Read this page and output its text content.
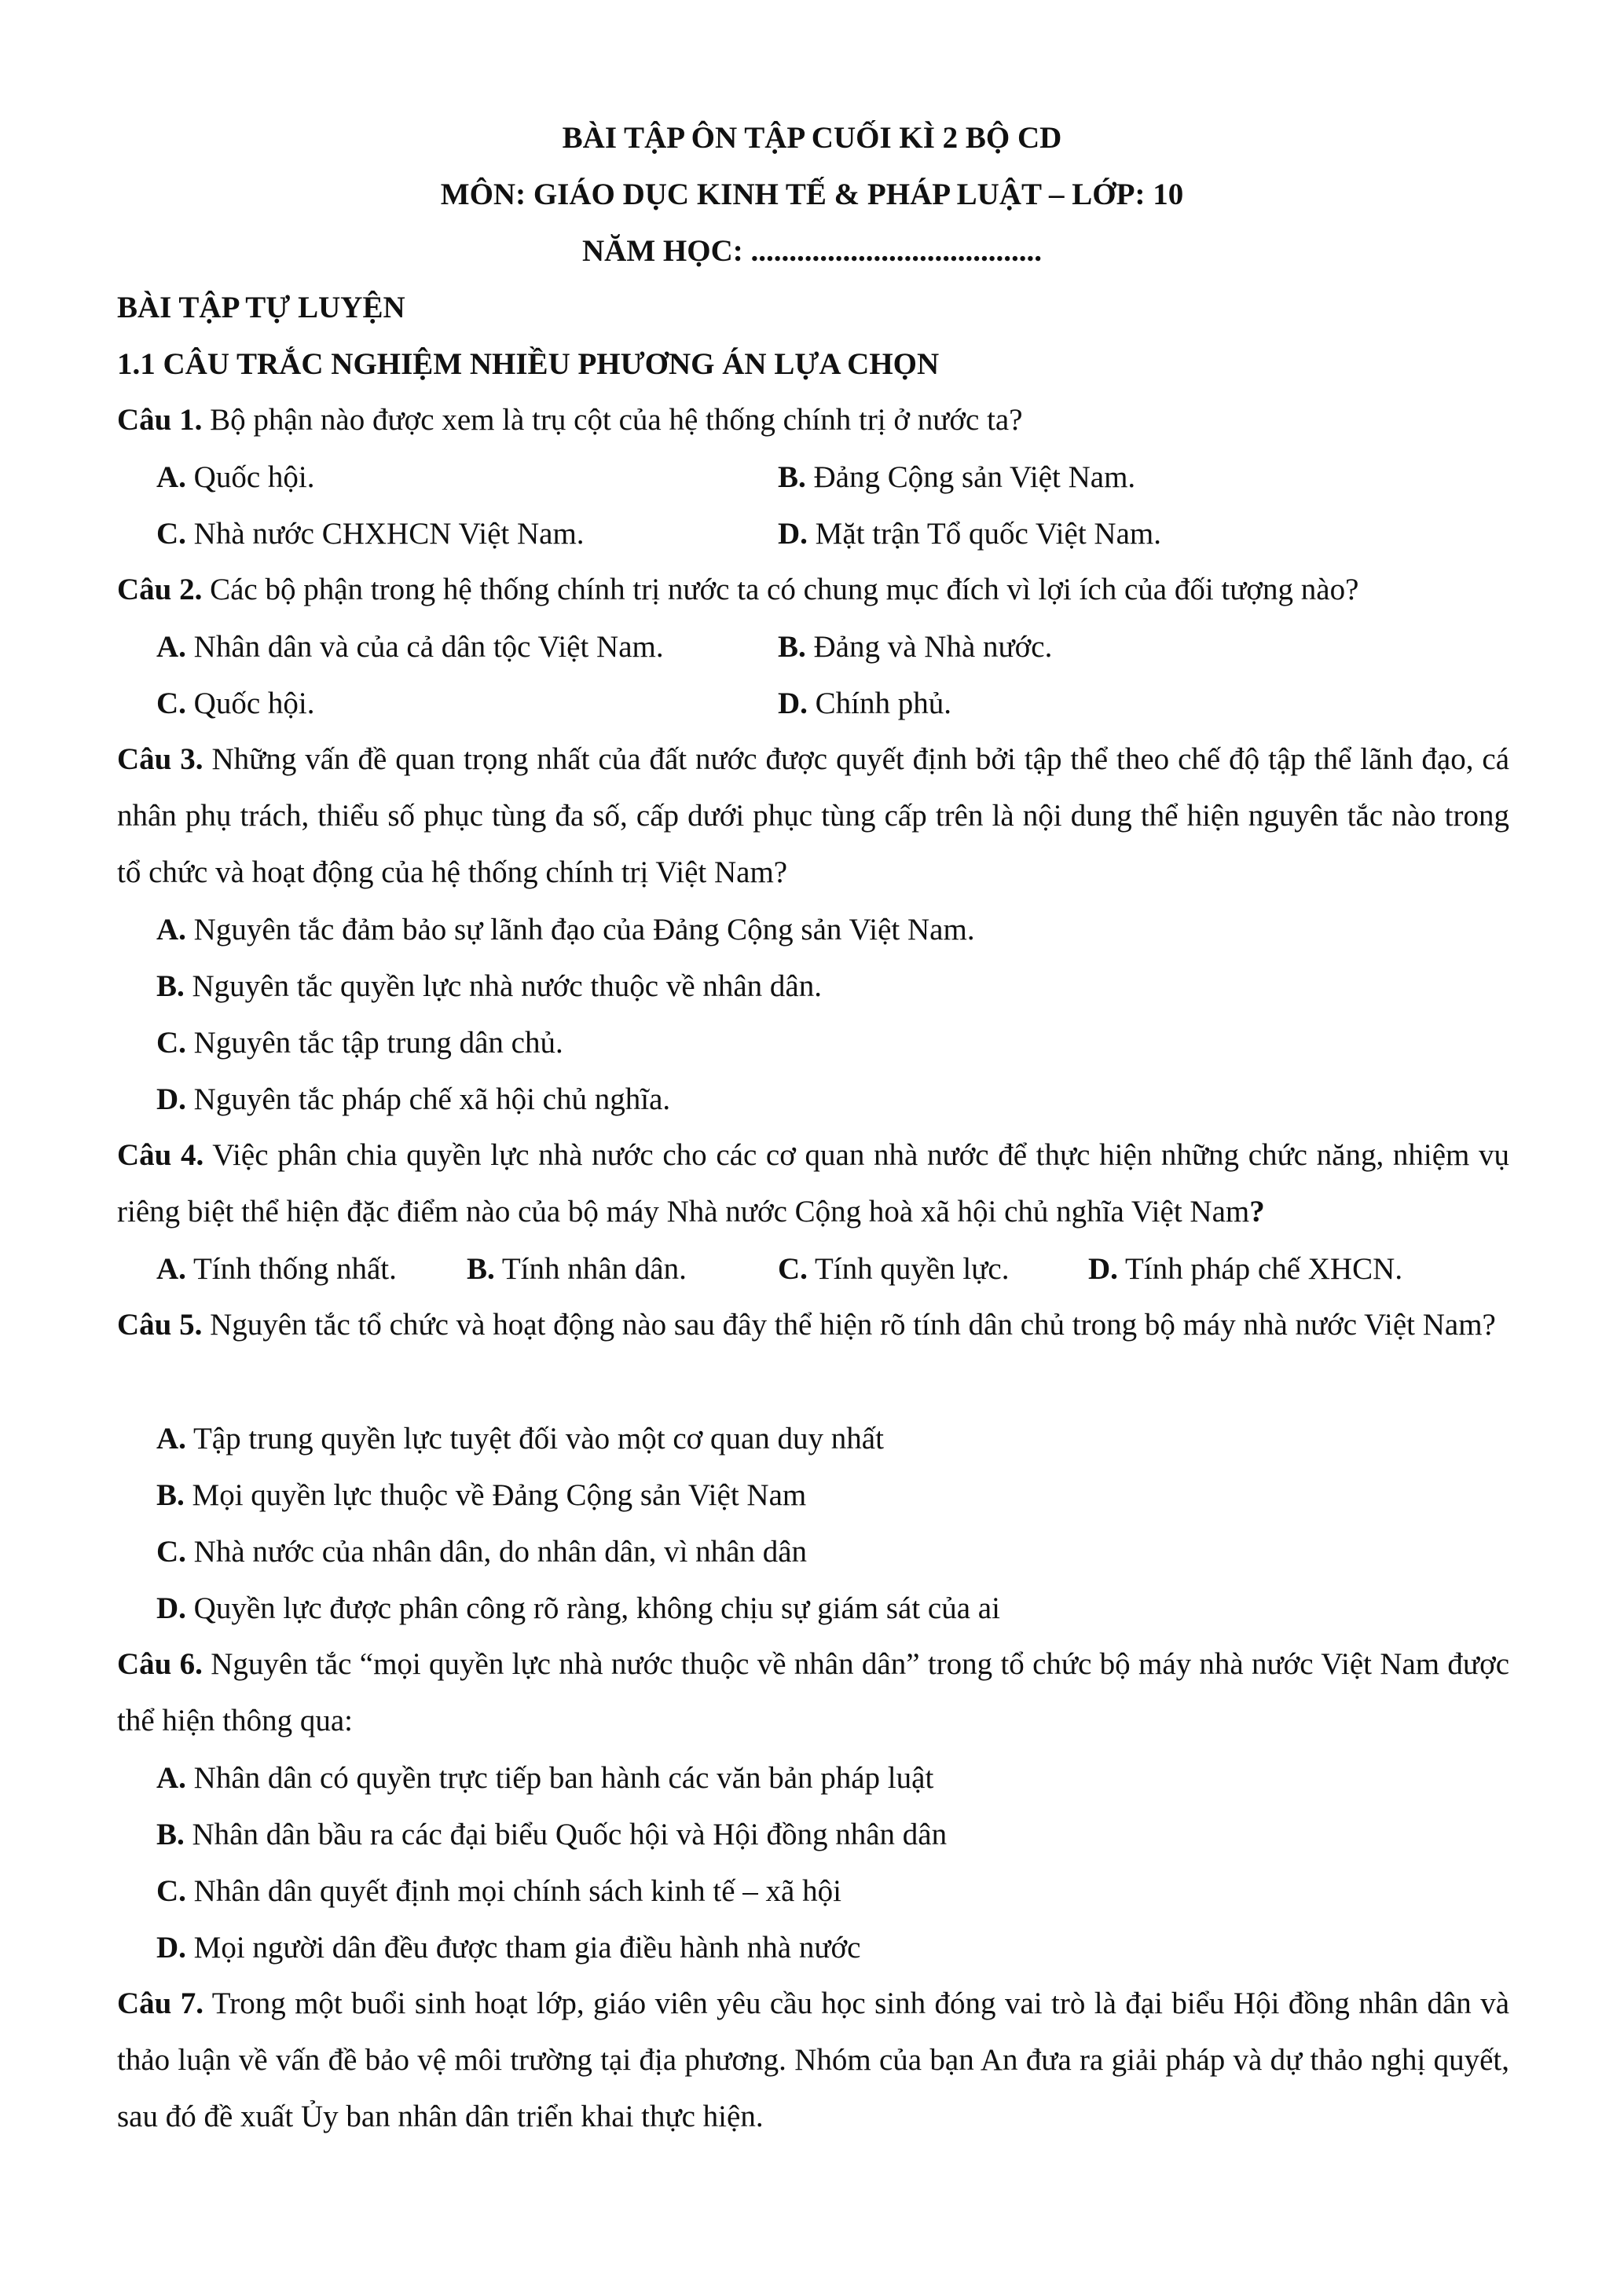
BÀI TẬP ÔN TẬP CUỐI KÌ 2 BỘ CD
MÔN: GIÁO DỤC KINH TẾ & PHÁP LUẬT – LỚP: 10
NĂM HỌC: ......................................
BÀI TẬP TỰ LUYỆN
1.1 CÂU TRẮC NGHIỆM NHIỀU PHƯƠNG ÁN LỰA CHỌN
Câu 1. Bộ phận nào được xem là trụ cột của hệ thống chính trị ở nước ta?
A. Quốc hội.	B. Đảng Cộng sản Việt Nam.
C. Nhà nước CHXHCN Việt Nam.	D. Mặt trận Tổ quốc Việt Nam.
Câu 2. Các bộ phận trong hệ thống chính trị nước ta có chung mục đích vì lợi ích của đối tượng nào?
A. Nhân dân và của cả dân tộc Việt Nam.	B. Đảng và Nhà nước.
C. Quốc hội.	D. Chính phủ.
Câu 3. Những vấn đề quan trọng nhất của đất nước được quyết định bởi tập thể theo chế độ tập thể lãnh đạo, cá nhân phụ trách, thiểu số phục tùng đa số, cấp dưới phục tùng cấp trên là nội dung thể hiện nguyên tắc nào trong tổ chức và hoạt động của hệ thống chính trị Việt Nam?
A. Nguyên tắc đảm bảo sự lãnh đạo của Đảng Cộng sản Việt Nam.
B. Nguyên tắc quyền lực nhà nước thuộc về nhân dân.
C. Nguyên tắc tập trung dân chủ.
D. Nguyên tắc pháp chế xã hội chủ nghĩa.
Câu 4. Việc phân chia quyền lực nhà nước cho các cơ quan nhà nước để thực hiện những chức năng, nhiệm vụ riêng biệt thể hiện đặc điểm nào của bộ máy Nhà nước Cộng hoà xã hội chủ nghĩa Việt Nam?
A. Tính thống nhất. B. Tính nhân dân.	C. Tính quyền lực.	D. Tính pháp chế XHCN.
Câu 5. Nguyên tắc tổ chức và hoạt động nào sau đây thể hiện rõ tính dân chủ trong bộ máy nhà nước Việt Nam?
A. Tập trung quyền lực tuyệt đối vào một cơ quan duy nhất
B. Mọi quyền lực thuộc về Đảng Cộng sản Việt Nam
C. Nhà nước của nhân dân, do nhân dân, vì nhân dân
D. Quyền lực được phân công rõ ràng, không chịu sự giám sát của ai
Câu 6. Nguyên tắc “mọi quyền lực nhà nước thuộc về nhân dân” trong tổ chức bộ máy nhà nước Việt Nam được thể hiện thông qua:
A. Nhân dân có quyền trực tiếp ban hành các văn bản pháp luật
B. Nhân dân bầu ra các đại biểu Quốc hội và Hội đồng nhân dân
C. Nhân dân quyết định mọi chính sách kinh tế – xã hội
D. Mọi người dân đều được tham gia điều hành nhà nước
Câu 7. Trong một buổi sinh hoạt lớp, giáo viên yêu cầu học sinh đóng vai trò là đại biểu Hội đồng nhân dân và thảo luận về vấn đề bảo vệ môi trường tại địa phương. Nhóm của bạn An đưa ra giải pháp và dự thảo nghị quyết, sau đó đề xuất Ủy ban nhân dân triển khai thực hiện.
